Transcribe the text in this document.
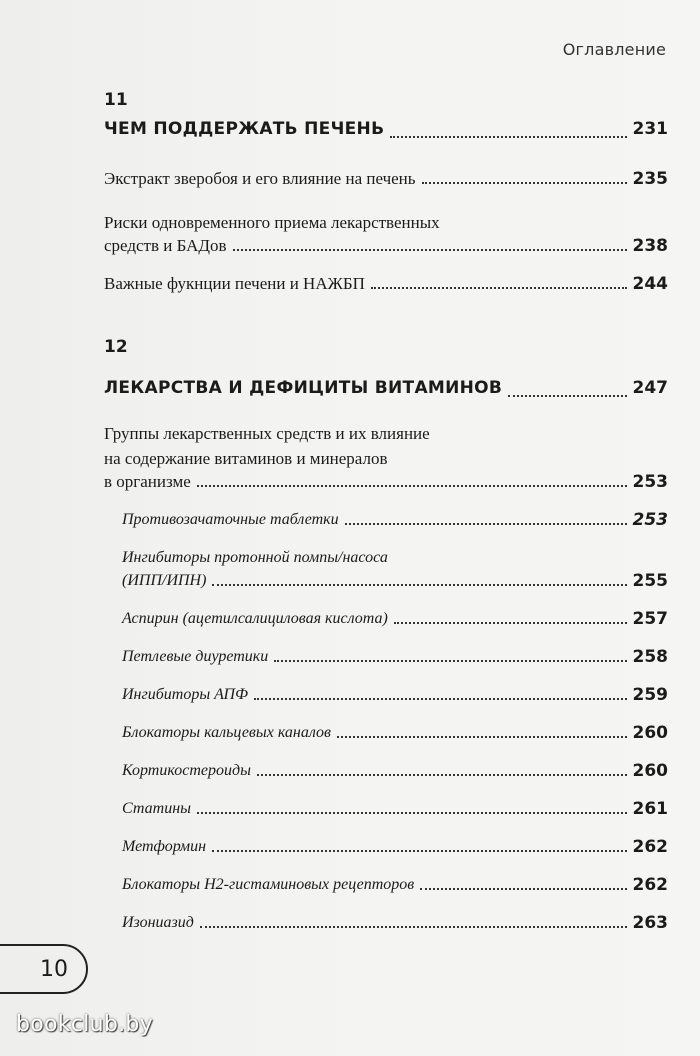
Оглавление
11
ЧЕМ ПОДДЕРЖАТЬ ПЕЧЕНЬ	231
Экстракт зверобоя и его влияние на печень	235
Риски одновременного приема лекарственных
средств и БАДов	238
Важные фукнции печени и НАЖБП	244
12
ЛЕКАРСТВА И ДЕФИЦИТЫ ВИТАМИНОВ	247
Группы лекарственных средств и их влияние
на содержание витаминов и минералов
в организме	253
Противозачаточные таблетки	253
Ингибиторы протонной помпы/насоса
(ИПП/ИПН)	255
Аспирин (ацетилсалициловая кислота)	257
Петлевые диуретики	258
Ингибиторы АПФ	259
Блокаторы кальцевых каналов	260
Кортикостероиды	260
Статины	261
Метформин	262
Блокаторы Н2-гистаминовых рецепторов	262
Изониазид	263
10
bookclub.by
